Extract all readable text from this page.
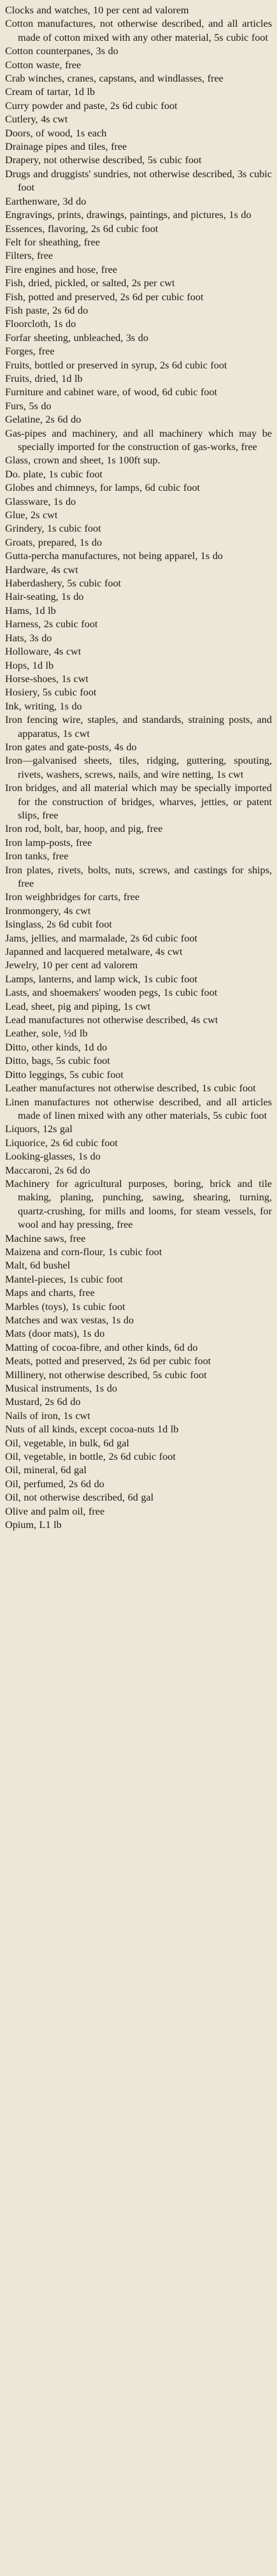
Clocks and watches, 10 per cent ad valorem
Cotton manufactures, not otherwise described, and all articles made of cotton mixed with any other material, 5s cubic foot
Cotton counterpanes, 3s do
Cotton waste, free
Crab winches, cranes, capstans, and windlasses, free
Cream of tartar, 1d lb
Curry powder and paste, 2s 6d cubic foot
Cutlery, 4s cwt
Doors, of wood, 1s each
Drainage pipes and tiles, free
Drapery, not otherwise described, 5s cubic foot
Drugs and druggists' sundries, not otherwise described, 3s cubic foot
Earthenware, 3d do
Engravings, prints, drawings, paintings, and pictures, 1s do
Essences, flavoring, 2s 6d cubic foot
Felt for sheathing, free
Filters, free
Fire engines and hose, free
Fish, dried, pickled, or salted, 2s per cwt
Fish, potted and preserved, 2s 6d per cubic foot
Fish paste, 2s 6d do
Floorcloth, 1s do
Forfar sheeting, unbleached, 3s do
Forges, free
Fruits, bottled or preserved in syrup, 2s 6d cubic foot
Fruits, dried, 1d lb
Furniture and cabinet ware, of wood, 6d cubic foot
Furs, 5s do
Gelatine, 2s 6d do
Gas-pipes and machinery, and all machinery which may be specially imported for the construction of gas-works, free
Glass, crown and sheet, 1s 100ft sup.
Do. plate, 1s cubic foot
Globes and chimneys, for lamps, 6d cubic foot
Glassware, 1s do
Glue, 2s cwt
Grindery, 1s cubic foot
Groats, prepared, 1s do
Gutta-percha manufactures, not being apparel, 1s do
Hardware, 4s cwt
Haberdashery, 5s cubic foot
Hair-seating, 1s do
Hams, 1d lb
Harness, 2s cubic foot
Hats, 3s do
Holloware, 4s cwt
Hops, 1d lb
Horse-shoes, 1s cwt
Hosiery, 5s cubic foot
Ink, writing, 1s do
Iron fencing wire, staples, and standards, straining posts, and apparatus, 1s cwt
Iron gates and gate-posts, 4s do
Iron—galvanised sheets, tiles, ridging, guttering, spouting, rivets, washers, screws, nails, and wire netting, 1s cwt
Iron bridges, and all material which may be specially imported for the construction of bridges, wharves, jetties, or patent slips, free
Iron rod, bolt, bar, hoop, and pig, free
Iron lamp-posts, free
Iron tanks, free
Iron plates, rivets, bolts, nuts, screws, and castings for ships, free
Iron weighbridges for carts, free
Ironmongery, 4s cwt
Isinglass, 2s 6d cubit foot
Jams, jellies, and marmalade, 2s 6d cubic foot
Japanned and lacquered metalware, 4s cwt
Jewelry, 10 per cent ad valorem
Lamps, lanterns, and lamp wick, 1s cubic foot
Lasts, and shoemakers' wooden pegs, 1s cubic foot
Lead, sheet, pig and piping, 1s cwt
Lead manufactures not otherwise described, 4s cwt
Leather, sole, ½d lb
Ditto, other kinds, 1d do
Ditto, bags, 5s cubic foot
Ditto leggings, 5s cubic foot
Leather manufactures not otherwise described, 1s cubic foot
Linen manufactures not otherwise described, and all articles made of linen mixed with any other materials, 5s cubic foot
Liquors, 12s gal
Liquorice, 2s 6d cubic foot
Looking-glasses, 1s do
Maccaroni, 2s 6d do
Machinery for agricultural purposes, boring, brick and tile making, planing, punching, sawing, shearing, turning, quartz-crushing, for mills and looms, for steam vessels, for wool and hay pressing, free
Machine saws, free
Maizena and corn-flour, 1s cubic foot
Malt, 6d bushel
Mantel-pieces, 1s cubic foot
Maps and charts, free
Marbles (toys), 1s cubic foot
Matches and wax vestas, 1s do
Mats (door mats), 1s do
Matting of cocoa-fibre, and other kinds, 6d do
Meats, potted and preserved, 2s 6d per cubic foot
Millinery, not otherwise described, 5s cubic foot
Musical instruments, 1s do
Mustard, 2s 6d do
Nails of iron, 1s cwt
Nuts of all kinds, except cocoa-nuts 1d lb
Oil, vegetable, in bulk, 6d gal
Oil, vegetable, in bottle, 2s 6d cubic foot
Oil, mineral, 6d gal
Oil, perfumed, 2s 6d do
Oil, not otherwise described, 6d gal
Olive and palm oil, free
Opium, L1 lb
